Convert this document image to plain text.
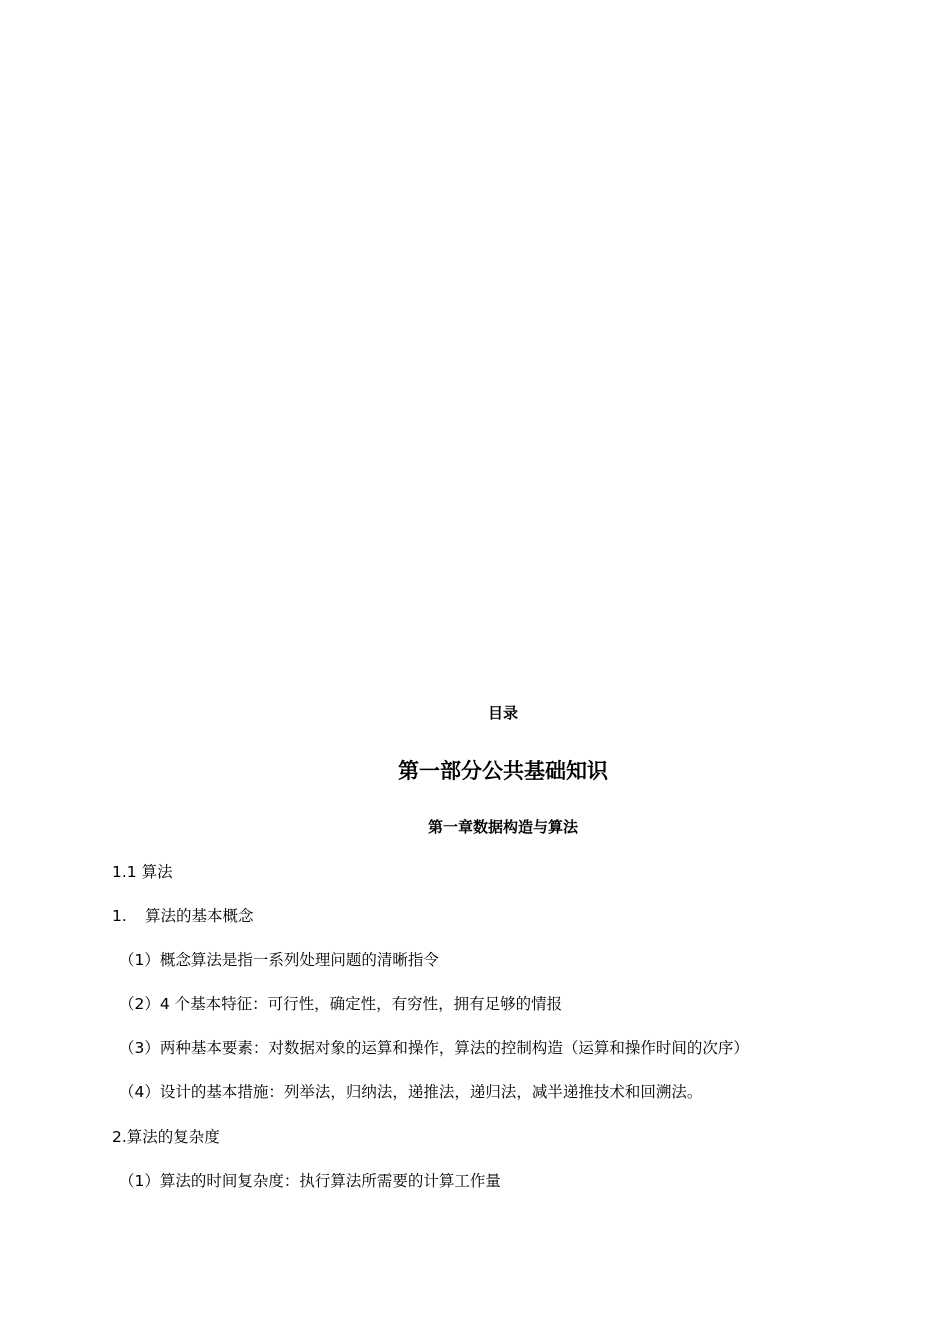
目录
第一部分公共基础知识
第一章数据构造与算法

1.1 算法

1. 算法的基本概念

（1）概念算法是指一系列处理问题的清晰指令

（2）4 个基本特征：可行性，确定性，有穷性，拥有足够的情报

（3）两种基本要素：对数据对象的运算和操作，算法的控制构造（运算和操作时间的次序）

（4）设计的基本措施：列举法，归纳法，递推法，递归法，减半递推技术和回溯法。

2.算法的复杂度

（1）算法的时间复杂度：执行算法所需要的计算工作量
